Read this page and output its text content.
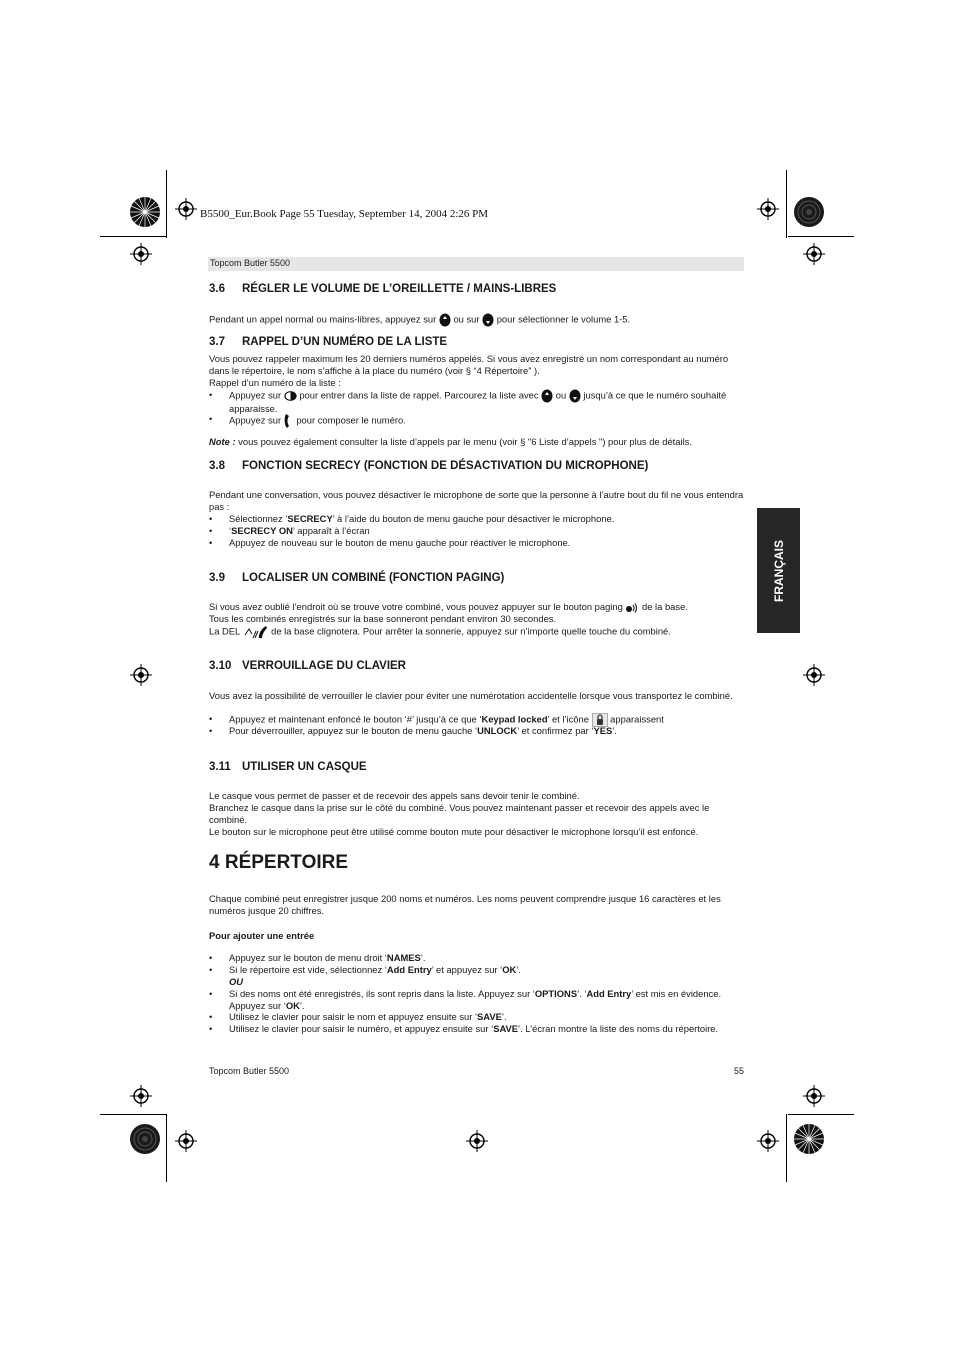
B5500_Eur.Book Page 55 Tuesday, September 14, 2004 2:26 PM
Topcom Butler 5500
FRANÇAIS
3.6 RÉGLER LE VOLUME DE L’OREILLETTE / MAINS-LIBRES
Pendant un appel normal ou mains-libres, appuyez sur ou sur pour sélectionner le volume 1-5.
3.7 RAPPEL D’UN NUMÉRO DE LA LISTE
Vous pouvez rappeler maximum les 20 derniers numéros appelés. Si vous avez enregistré un nom correspondant au numéro dans le répertoire, le nom s’affiche à la place du numéro (voir § “4 Répertoire” ).
Rappel d’un numéro de la liste :
• Appuyez sur pour entrer dans la liste de rappel. Parcourez la liste avec ou jusqu’à ce que le numéro souhaité apparaisse.
• Appuyez sur pour composer le numéro.
Note : vous pouvez également consulter la liste d’appels par le menu (voir § "6 Liste d’appels ") pour plus de détails.
3.8 FONCTION SECRECY (FONCTION DE DÉSACTIVATION DU MICROPHONE)
Pendant une conversation, vous pouvez désactiver le microphone de sorte que la personne à l’autre bout du fil ne vous entendra pas :
• Sélectionnez ‘SECRECY’ à l’aide du bouton de menu gauche pour désactiver le microphone.
• ‘SECRECY ON’ apparaît à l’écran
• Appuyez de nouveau sur le bouton de menu gauche pour réactiver le microphone.
3.9 LOCALISER UN COMBINÉ (FONCTION PAGING)
Si vous avez oublié l’endroit où se trouve votre combiné, vous pouvez appuyer sur le bouton paging de la base.
Tous les combinés enregistrés sur la base sonneront pendant environ 30 secondes.
La DEL	de la base clignotera. Pour arrêter la sonnerie, appuyez sur n’importe quelle touche du combiné.
3.10 VERROUILLAGE DU CLAVIER
Vous avez la possibilité de verrouiller le clavier pour éviter une numérotation accidentelle lorsque vous transportez le combiné.
• Appuyez et maintenant enfoncé le bouton ‘#’ jusqu’à ce que ‘Keypad locked’ et l’icône apparaissent
• Pour déverrouiller, appuyez sur le bouton de menu gauche ‘UNLOCK’ et confirmez par ‘YES’.
3.11 UTILISER UN CASQUE
Le casque vous permet de passer et de recevoir des appels sans devoir tenir le combiné.
Branchez le casque dans la prise sur le côté du combiné. Vous pouvez maintenant passer et recevoir des appels avec le combiné.
Le bouton sur le microphone peut être utilisé comme bouton mute pour désactiver le microphone lorsqu’il est enfoncé.
4 RÉPERTOIRE
Chaque combiné peut enregistrer jusque 200 noms et numéros. Les noms peuvent comprendre jusque 16 caractères et les numéros jusque 20 chiffres.
Pour ajouter une entrée
• Appuyez sur le bouton de menu droit ‘NAMES’.
• Si le répertoire est vide, sélectionnez ‘Add Entry’ et appuyez sur ‘OK’.
OU
• Si des noms ont été enregistrés, ils sont repris dans la liste. Appuyez sur ‘OPTIONS’. ‘Add Entry’ est mis en évidence. Appuyez sur ‘OK’.
• Utilisez le clavier pour saisir le nom et appuyez ensuite sur ‘SAVE’.
• Utilisez le clavier pour saisir le numéro, et appuyez ensuite sur ‘SAVE’. L’écran montre la liste des noms du répertoire.
Topcom Butler 5500	55
